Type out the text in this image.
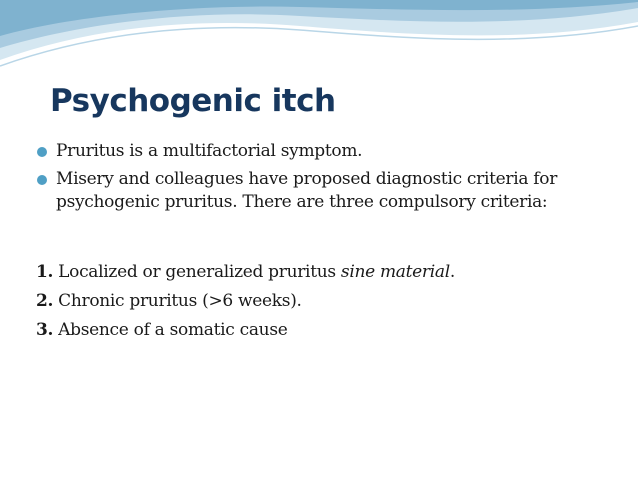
Psychogenic itch
Pruritus is a multifactorial symptom.
Misery and colleagues have proposed diagnostic criteria for psychogenic pruritus. There are three compulsory criteria:
1. Localized or generalized pruritus sine material.
2. Chronic pruritus (>6 weeks).
3. Absence of a somatic cause
